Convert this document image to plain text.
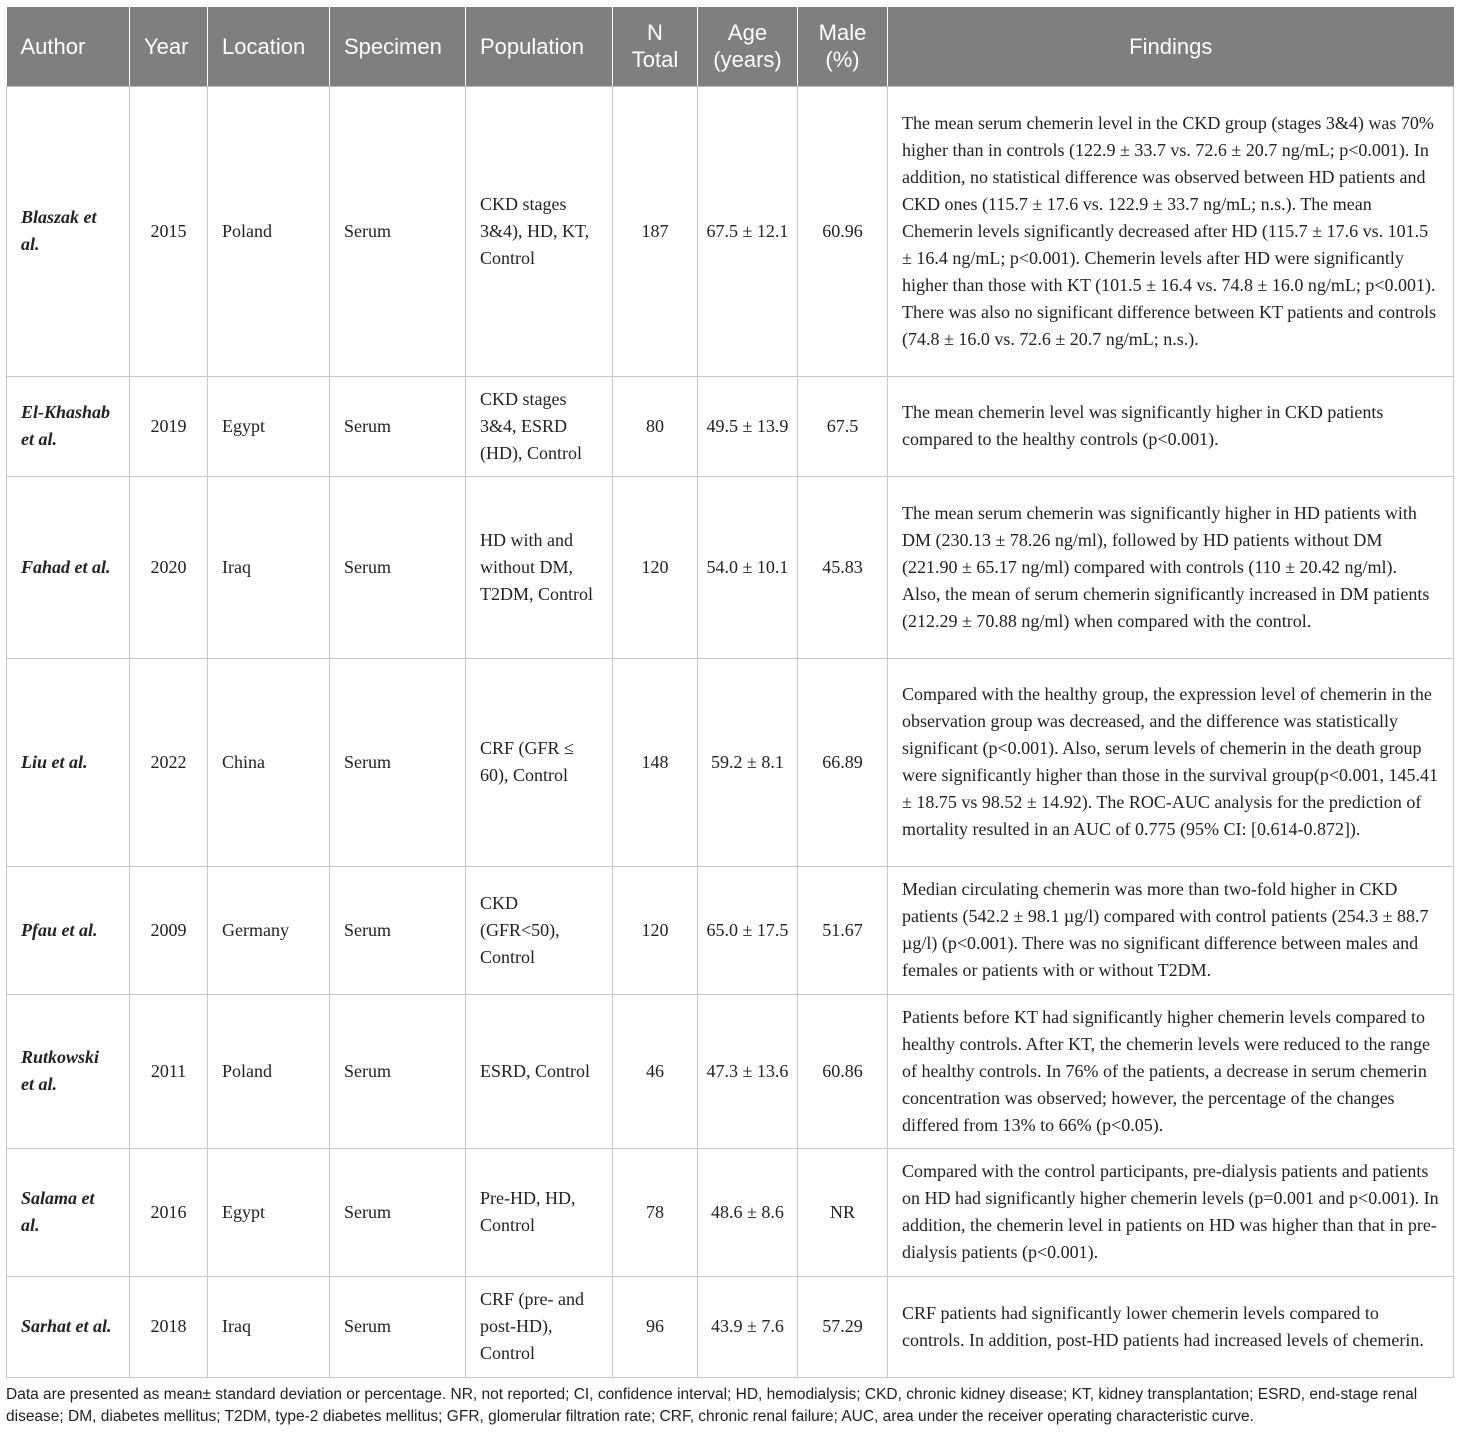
Author	Year	Location	Specimen	Population	N Total	Age (years)	Male (%)	Findings
Blaszak et al.	2015	Poland	Serum	CKD stages 3&4), HD, KT, Control	187	67.5 ± 12.1	60.96	The mean serum chemerin level in the CKD group (stages 3&4) was 70% higher than in controls (122.9 ± 33.7 vs. 72.6 ± 20.7 ng/mL; p<0.001). In addition, no statistical difference was observed between HD patients and CKD ones (115.7 ± 17.6 vs. 122.9 ± 33.7 ng/mL; n.s.). The mean Chemerin levels significantly decreased after HD (115.7 ± 17.6 vs. 101.5 ± 16.4 ng/mL; p<0.001). Chemerin levels after HD were significantly higher than those with KT (101.5 ± 16.4 vs. 74.8 ± 16.0 ng/mL; p<0.001). There was also no significant difference between KT patients and controls (74.8 ± 16.0 vs. 72.6 ± 20.7 ng/mL; n.s.).
El-Khashab et al.	2019	Egypt	Serum	CKD stages 3&4, ESRD (HD), Control	80	49.5 ± 13.9	67.5	The mean chemerin level was significantly higher in CKD patients compared to the healthy controls (p<0.001).
Fahad et al.	2020	Iraq	Serum	HD with and without DM, T2DM, Control	120	54.0 ± 10.1	45.83	The mean serum chemerin was significantly higher in HD patients with DM (230.13 ± 78.26 ng/ml), followed by HD patients without DM (221.90 ± 65.17 ng/ml) compared with controls (110 ± 20.42 ng/ml). Also, the mean of serum chemerin significantly increased in DM patients (212.29 ± 70.88 ng/ml) when compared with the control.
Liu et al.	2022	China	Serum	CRF (GFR ≤ 60), Control	148	59.2 ± 8.1	66.89	Compared with the healthy group, the expression level of chemerin in the observation group was decreased, and the difference was statistically significant (p<0.001). Also, serum levels of chemerin in the death group were significantly higher than those in the survival group(p<0.001, 145.41 ± 18.75 vs 98.52 ± 14.92). The ROC-AUC analysis for the prediction of mortality resulted in an AUC of 0.775 (95% CI: [0.614-0.872]).
Pfau et al.	2009	Germany	Serum	CKD (GFR<50), Control	120	65.0 ± 17.5	51.67	Median circulating chemerin was more than two-fold higher in CKD patients (542.2 ± 98.1 µg/l) compared with control patients (254.3 ± 88.7 µg/l) (p<0.001). There was no significant difference between males and females or patients with or without T2DM.
Rutkowski et al.	2011	Poland	Serum	ESRD, Control	46	47.3 ± 13.6	60.86	Patients before KT had significantly higher chemerin levels compared to healthy controls. After KT, the chemerin levels were reduced to the range of healthy controls. In 76% of the patients, a decrease in serum chemerin concentration was observed; however, the percentage of the changes differed from 13% to 66% (p<0.05).
Salama et al.	2016	Egypt	Serum	Pre-HD, HD, Control	78	48.6 ± 8.6	NR	Compared with the control participants, pre-dialysis patients and patients on HD had significantly higher chemerin levels (p=0.001 and p<0.001). In addition, the chemerin level in patients on HD was higher than that in pre-dialysis patients (p<0.001).
Sarhat et al.	2018	Iraq	Serum	CRF (pre- and post-HD), Control	96	43.9 ± 7.6	57.29	CRF patients had significantly lower chemerin levels compared to controls. In addition, post-HD patients had increased levels of chemerin.
Data are presented as mean± standard deviation or percentage. NR, not reported; CI, confidence interval; HD, hemodialysis; CKD, chronic kidney disease; KT, kidney transplantation; ESRD, end-stage renal disease; DM, diabetes mellitus; T2DM, type-2 diabetes mellitus; GFR, glomerular filtration rate; CRF, chronic renal failure; AUC, area under the receiver operating characteristic curve.
